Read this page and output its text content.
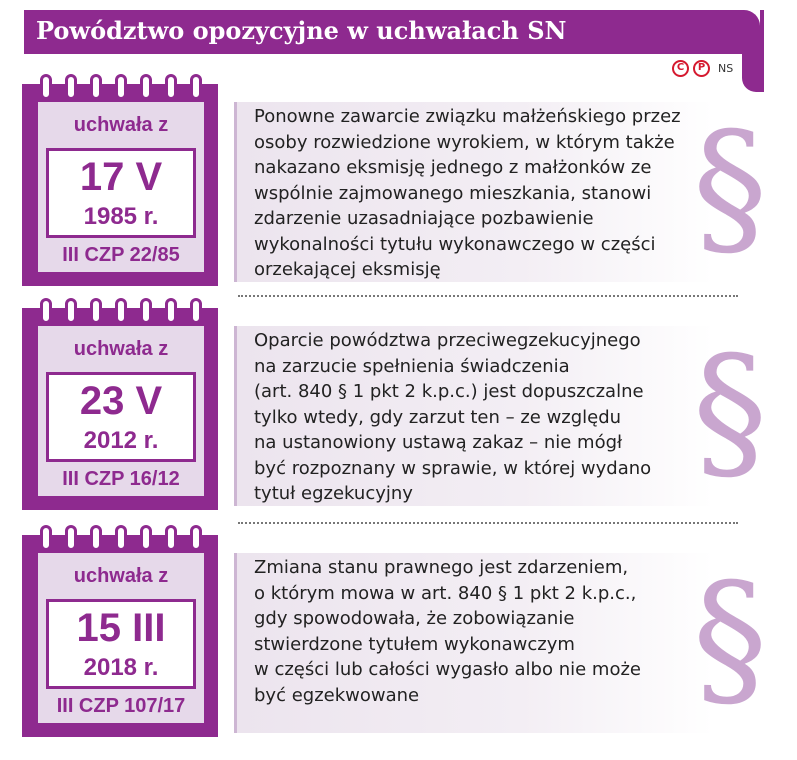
Powództwo opozycyjne w uchwałach SN
C	P	NS
uchwała z
17 V
1985 r.
III CZP 22/85
Ponowne zawarcie związku małżeńskiego przez
osoby rozwiedzione wyrokiem, w którym także
nakazano eksmisję jednego z małżonków ze
wspólnie zajmowanego mieszkania, stanowi
zdarzenie uzasadniające pozbawienie
wykonalności tytułu wykonawczego w części
orzekającej eksmisję	§
uchwała z
23 V
2012 r.
III CZP 16/12
Oparcie powództwa przeciwegzekucyjnego
na zarzucie spełnienia świadczenia
(art. 840 § 1 pkt 2 k.p.c.) jest dopuszczalne
tylko wtedy, gdy zarzut ten – ze względu
na ustanowiony ustawą zakaz – nie mógł
być rozpoznany w sprawie, w której wydano
tytuł egzekucyjny	§
uchwała z
15 III
2018 r.
III CZP 107/17
Zmiana stanu prawnego jest zdarzeniem,
o którym mowa w art. 840 § 1 pkt 2 k.p.c.,
gdy spowodowała, że zobowiązanie
stwierdzone tytułem wykonawczym
w części lub całości wygasło albo nie może
być egzekwowane	§
